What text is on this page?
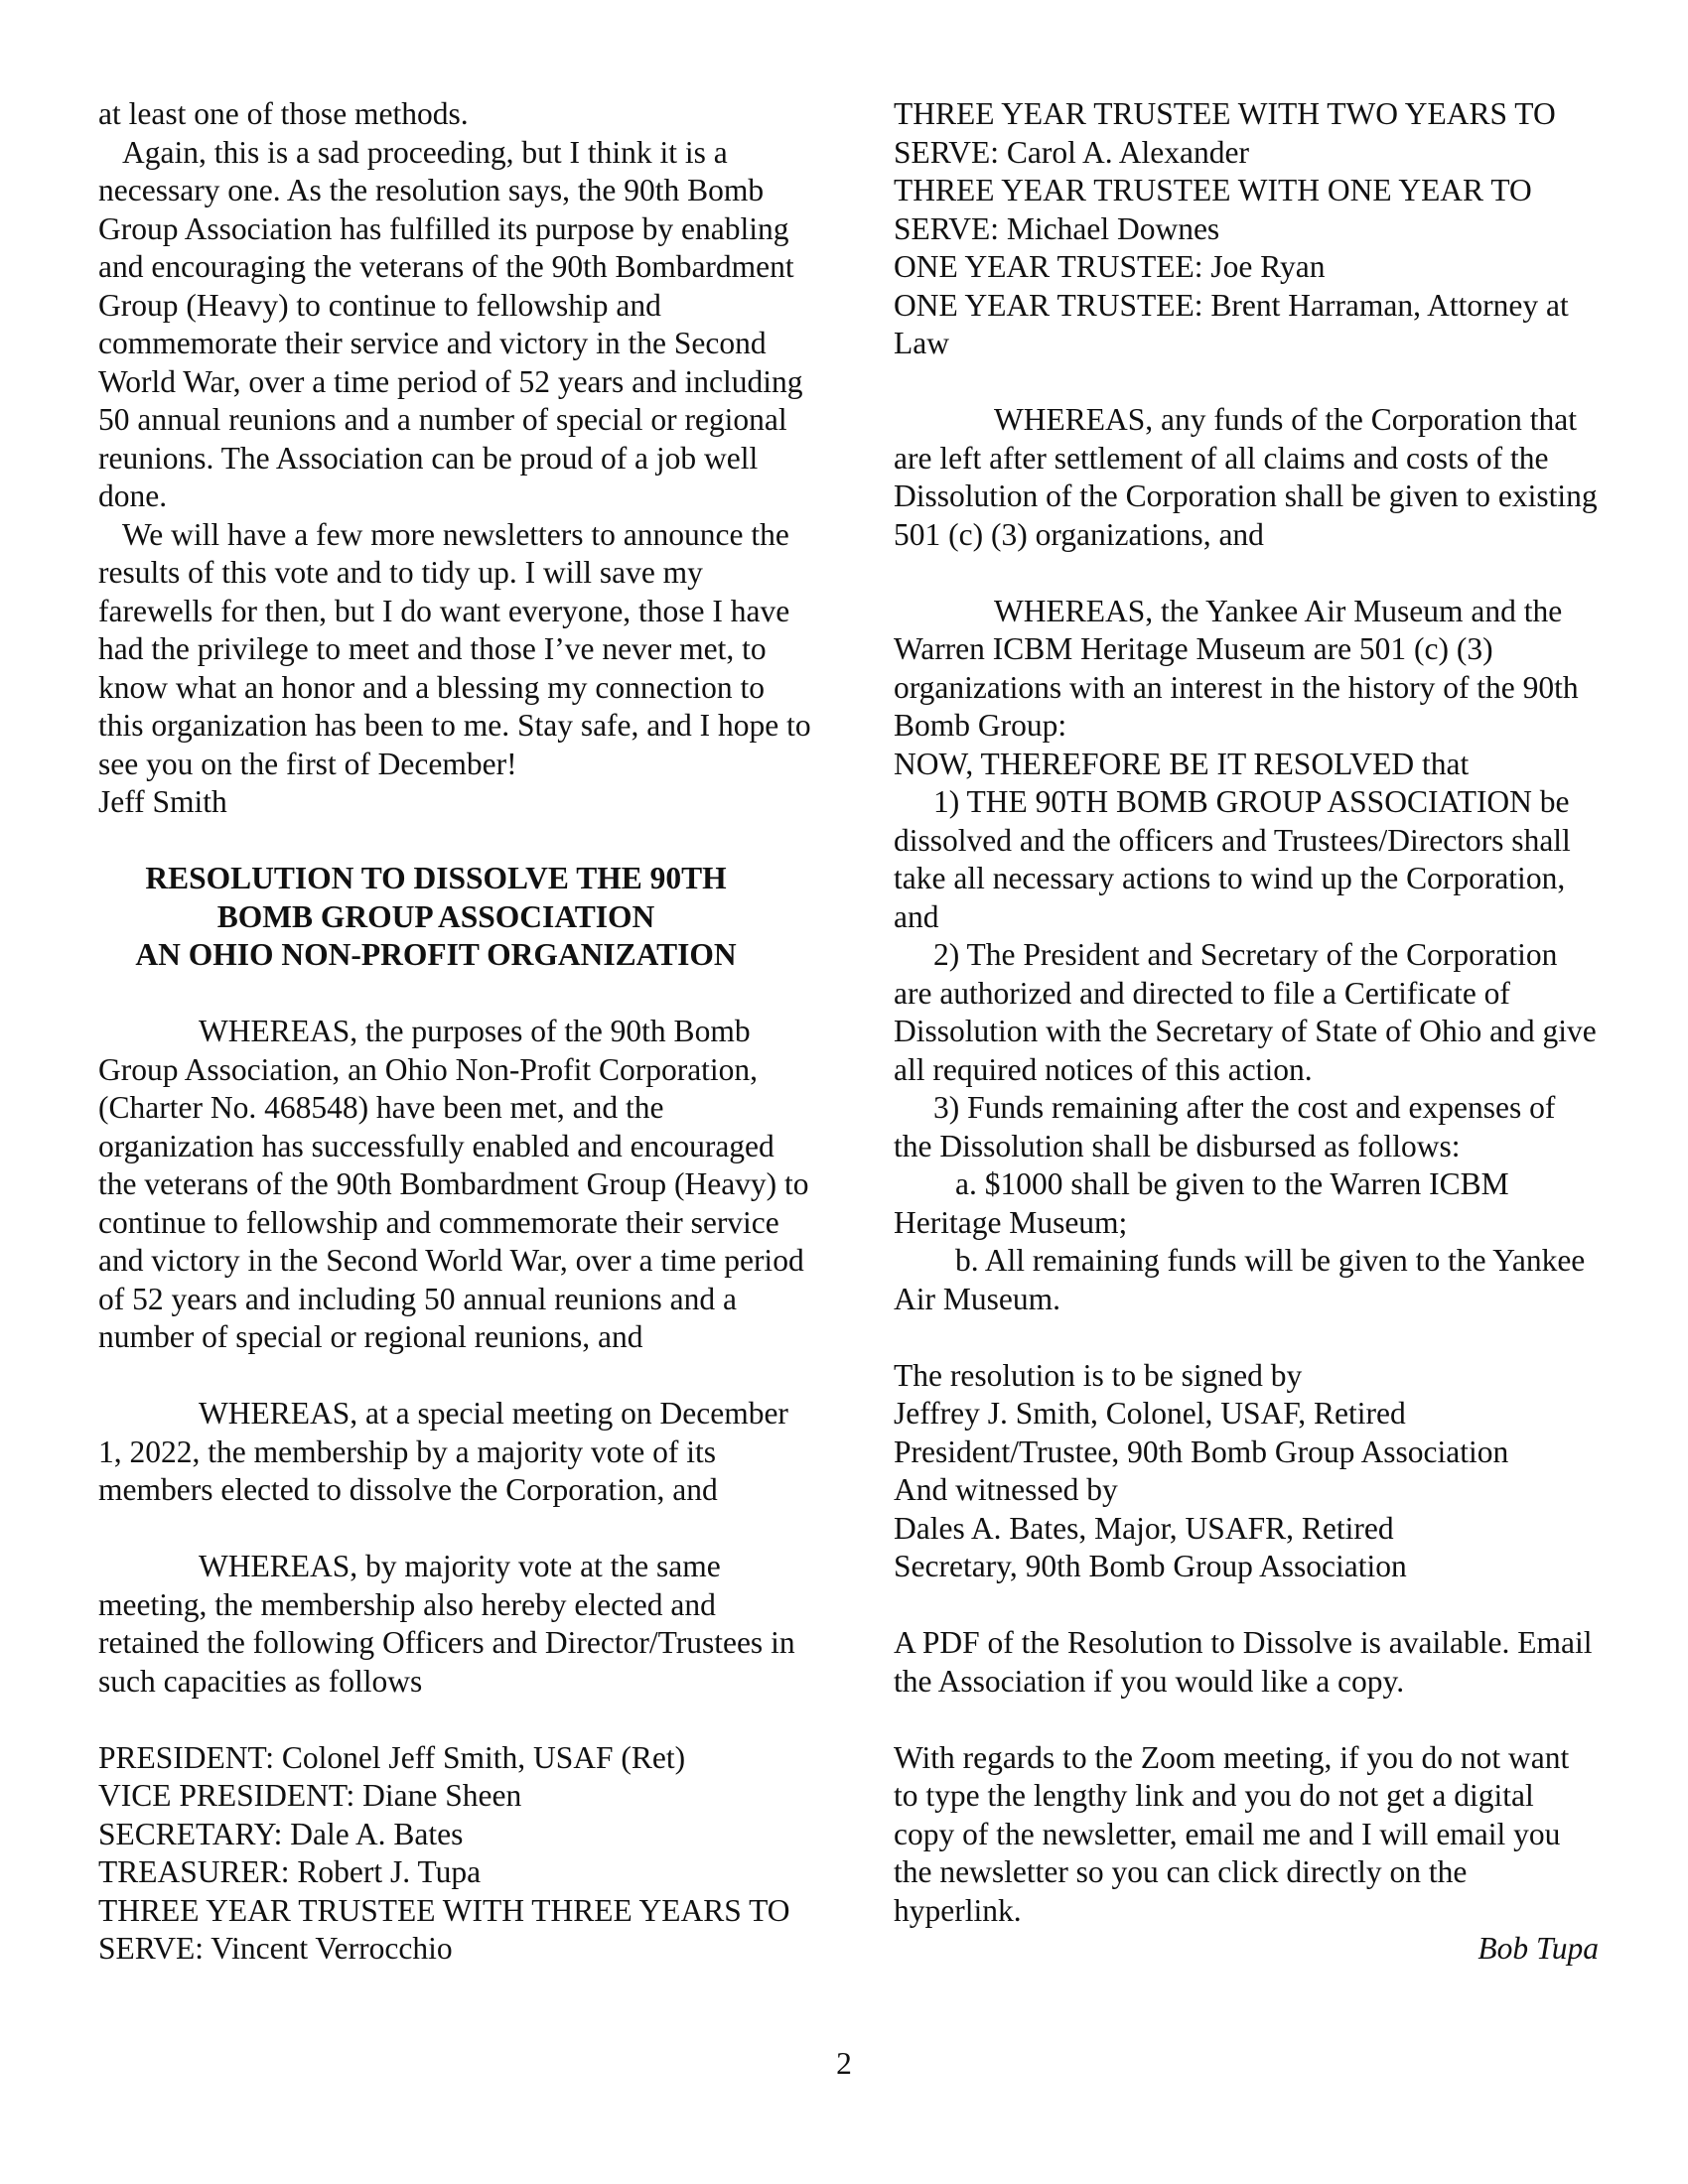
at least one of those methods.

Again, this is a sad proceeding, but I think it is a necessary one. As the resolution says, the 90th Bomb Group Association has fulfilled its purpose by enabling and encouraging the veterans of the 90th Bombardment Group (Heavy) to continue to fellowship and commemorate their service and victory in the Second World War, over a time period of 52 years and including 50 annual reunions and a number of special or regional reunions. The Association can be proud of a job well done.

We will have a few more newsletters to announce the results of this vote and to tidy up. I will save my farewells for then, but I do want everyone, those I have had the privilege to meet and those I’ve never met, to know what an honor and a blessing my connection to this organization has been to me. Stay safe, and I hope to see you on the first of December!

Jeff Smith

RESOLUTION TO DISSOLVE THE 90TH

BOMB GROUP ASSOCIATION

AN OHIO NON-PROFIT ORGANIZATION

WHEREAS, the purposes of the 90th Bomb Group Association, an Ohio Non-Profit Corporation, (Charter No. 468548) have been met, and the organization has successfully enabled and encouraged the veterans of the 90th Bombardment Group (Heavy) to continue to fellowship and commemorate their service and victory in the Second World War, over a time period of 52 years and including 50 annual reunions and a number of special or regional reunions, and

WHEREAS, at a special meeting on December 1, 2022, the membership by a majority vote of its members elected to dissolve the Corporation, and

WHEREAS, by majority vote at the same meeting, the membership also hereby elected and retained the following Officers and Director/Trustees in such capacities as follows

PRESIDENT: Colonel Jeff Smith, USAF (Ret)

VICE PRESIDENT: Diane Sheen

SECRETARY: Dale A. Bates

TREASURER: Robert J. Tupa

THREE YEAR TRUSTEE WITH THREE YEARS TO SERVE: Vincent Verrocchio

THREE YEAR TRUSTEE WITH TWO YEARS TO SERVE: Carol A. Alexander

THREE YEAR TRUSTEE WITH ONE YEAR TO SERVE: Michael Downes

ONE YEAR TRUSTEE: Joe Ryan

ONE YEAR TRUSTEE: Brent Harraman, Attorney at Law

WHEREAS, any funds of the Corporation that are left after settlement of all claims and costs of the Dissolution of the Corporation shall be given to existing 501 (c) (3) organizations, and

WHEREAS, the Yankee Air Museum and the Warren ICBM Heritage Museum are 501 (c) (3) organizations with an interest in the history of the 90th Bomb Group:

NOW, THEREFORE BE IT RESOLVED that

1) THE 90TH BOMB GROUP ASSOCIATION be dissolved and the officers and Trustees/Directors shall take all necessary actions to wind up the Corporation, and

2) The President and Secretary of the Corporation are authorized and directed to file a Certificate of Dissolution with the Secretary of State of Ohio and give all required notices of this action.

3) Funds remaining after the cost and expenses of the Dissolution shall be disbursed as follows:

a. $1000 shall be given to the Warren ICBM Heritage Museum;

b. All remaining funds will be given to the Yankee Air Museum.

The resolution is to be signed by

Jeffrey J. Smith, Colonel, USAF, Retired

President/Trustee, 90th Bomb Group Association

And witnessed by

Dales A. Bates, Major, USAFR, Retired

Secretary, 90th Bomb Group Association

A PDF of the Resolution to Dissolve is available. Email the Association if you would like a copy.

With regards to the Zoom meeting, if you do not want to type the lengthy link and you do not get a digital copy of the newsletter, email me and I will email you the newsletter so you can click directly on the hyperlink.

Bob Tupa

2
